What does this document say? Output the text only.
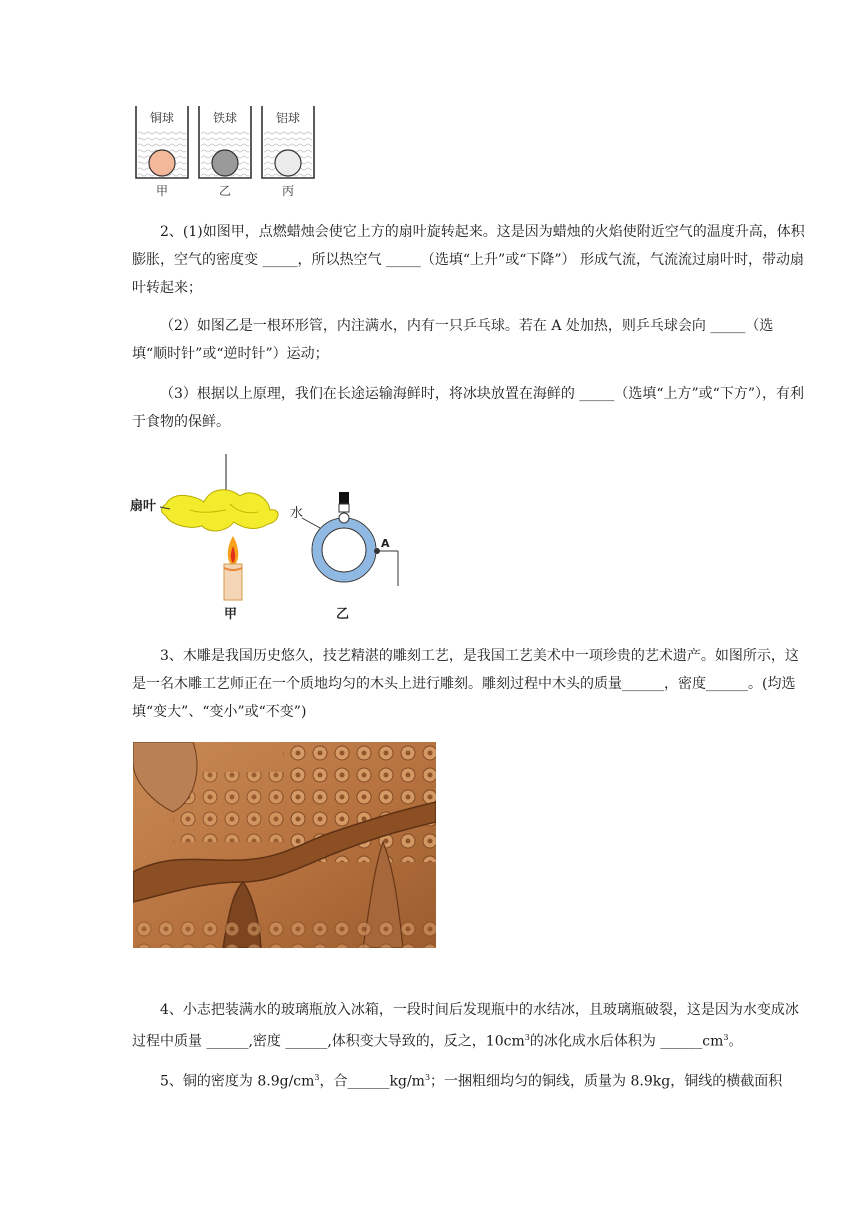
铜球
甲
铁球
乙
铝球
丙

2、(1)如图甲，点燃蜡烛会使它上方的扇叶旋转起来。这是因为蜡烛的火焰使附近空气的温度升高，体积膨胀，空气的密度变 _____，所以热空气 _____（选填“上升”或“下降”） 形成气流，气流流过扇叶时，带动扇叶转起来；

（2）如图乙是一根环形管，内注满水，内有一只乒乓球。若在 A 处加热，则乒乓球会向 _____（选填“顺时针”或“逆时针”）运动；

（3）根据以上原理，我们在长途运输海鲜时，将冰块放置在海鲜的 _____（选填“上方”或“下方”），有利于食物的保鲜。

扇叶
甲
水
A
乙

3、木雕是我国历史悠久，技艺精湛的雕刻工艺，是我国工艺美术中一项珍贵的艺术遗产。如图所示，这是一名木雕工艺师正在一个质地均匀的木头上进行雕刻。雕刻过程中木头的质量______，密度______。(均选填“变大”、“变小”或“不变”)

4、小志把装满水的玻璃瓶放入冰箱，一段时间后发现瓶中的水结冰，且玻璃瓶破裂，这是因为水变成冰过程中质量 ______,密度 ______,体积变大导致的，反之，$10cm^3$的冰化成水后体积为 $\_\_\_\_\_\_cm^3$。

5、铜的密度为 $8.9g/cm^3$，合$\_\_\_\_\_\_kg/m^3$；一捆粗细均匀的铜线，质量为 8.9kg，铜线的横截面积
